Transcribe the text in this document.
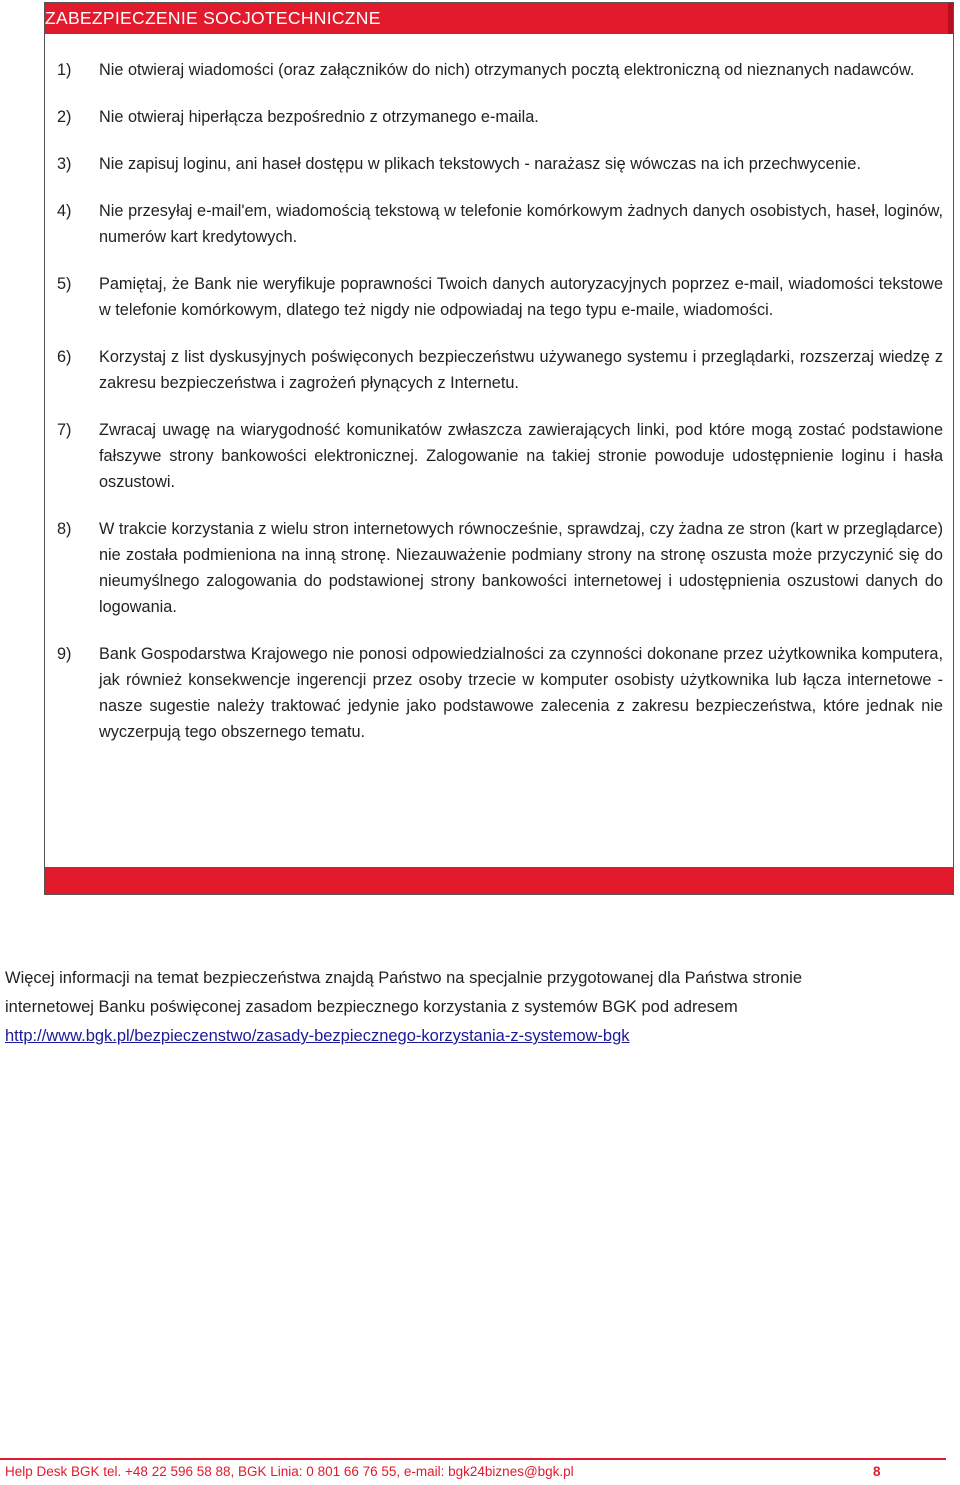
ZABEZPIECZENIE SOCJOTECHNICZNE
1) Nie otwieraj wiadomości (oraz załączników do nich) otrzymanych pocztą elektroniczną od nieznanych nadawców.
2) Nie otwieraj hiperłącza bezpośrednio z otrzymanego e-maila.
3) Nie zapisuj loginu, ani haseł dostępu w plikach tekstowych - narażasz się wówczas na ich przechwycenie.
4) Nie przesyłaj e-mail'em, wiadomością tekstową w telefonie komórkowym żadnych danych osobistych, haseł, loginów, numerów kart kredytowych.
5) Pamiętaj, że Bank nie weryfikuje poprawności Twoich danych autoryzacyjnych poprzez e-mail, wiadomości tekstowe w telefonie komórkowym, dlatego też nigdy nie odpowiadaj na tego typu e-maile, wiadomości.
6) Korzystaj z list dyskusyjnych poświęconych bezpieczeństwu używanego systemu i przeglądarki, rozszerzaj wiedzę z zakresu bezpieczeństwa i zagrożeń płynących z Internetu.
7) Zwracaj uwagę na wiarygodność komunikatów zwłaszcza zawierających linki, pod które mogą zostać podstawione fałszywe strony bankowości elektronicznej. Zalogowanie na takiej stronie powoduje udostępnienie loginu i hasła oszustowi.
8) W trakcie korzystania z wielu stron internetowych równocześnie, sprawdzaj, czy żadna ze stron (kart w przeglądarce) nie została podmieniona na inną stronę. Niezauważenie podmiany strony na stronę oszusta może przyczynić się do nieumyślnego zalogowania do podstawionej strony bankowości internetowej i udostępnienia oszustowi danych do logowania.
9) Bank Gospodarstwa Krajowego nie ponosi odpowiedzialności za czynności dokonane przez użytkownika komputera, jak również konsekwencje ingerencji przez osoby trzecie w komputer osobisty użytkownika lub łącza internetowe - nasze sugestie należy traktować jedynie jako podstawowe zalecenia z zakresu bezpieczeństwa, które jednak nie wyczerpują tego obszernego tematu.
Więcej informacji na temat bezpieczeństwa znajdą Państwo na specjalnie przygotowanej dla Państwa stronie
internetowej Banku poświęconej zasadom bezpiecznego korzystania z systemów BGK pod adresem
http://www.bgk.pl/bezpieczenstwo/zasady-bezpiecznego-korzystania-z-systemow-bgk
Help Desk BGK tel. +48 22 596 58 88, BGK Linia: 0 801 66 76 55, e-mail: bgk24biznes@bgk.pl	8
